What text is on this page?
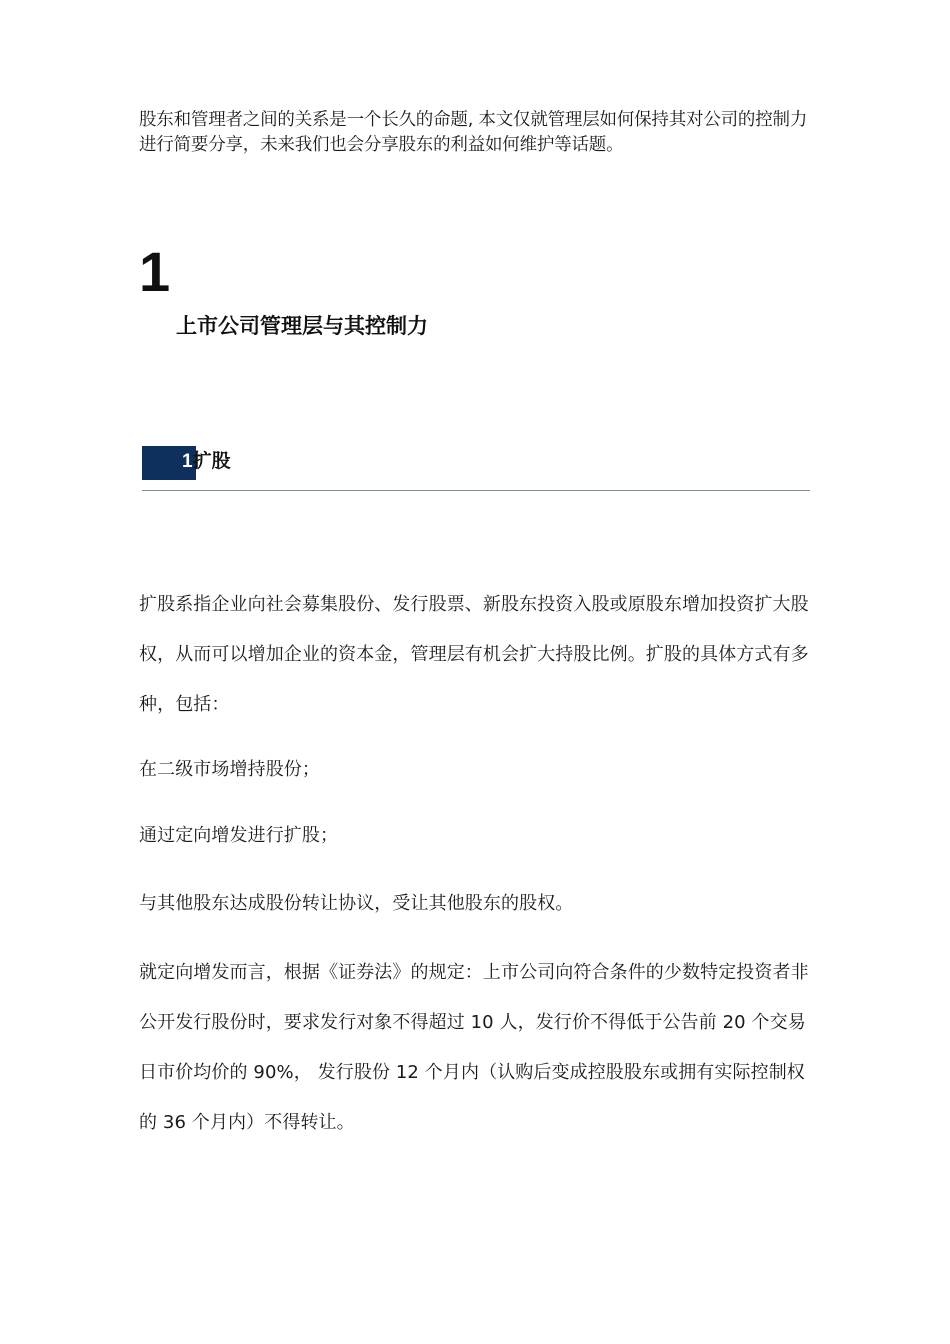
股东和管理者之间的关系是一个长久的命题, 本文仅就管理层如何保持其对公司的控制力进行简要分享，未来我们也会分享股东的利益如何维护等话题。

1
上市公司管理层与其控制力
1扩股

扩股系指企业向社会募集股份、发行股票、新股东投资入股或原股东增加投资扩大股权，从而可以增加企业的资本金，管理层有机会扩大持股比例。扩股的具体方式有多种，包括：

在二级市场增持股份；

通过定向增发进行扩股；

与其他股东达成股份转让协议，受让其他股东的股权。

就定向增发而言，根据《证券法》的规定：上市公司向符合条件的少数特定投资者非公开发行股份时，要求发行对象不得超过 10 人，发行价不得低于公告前 20 个交易日市价均价的 90%， 发行股份 12 个月内（认购后变成控股股东或拥有实际控制权的 36 个月内）不得转让。
